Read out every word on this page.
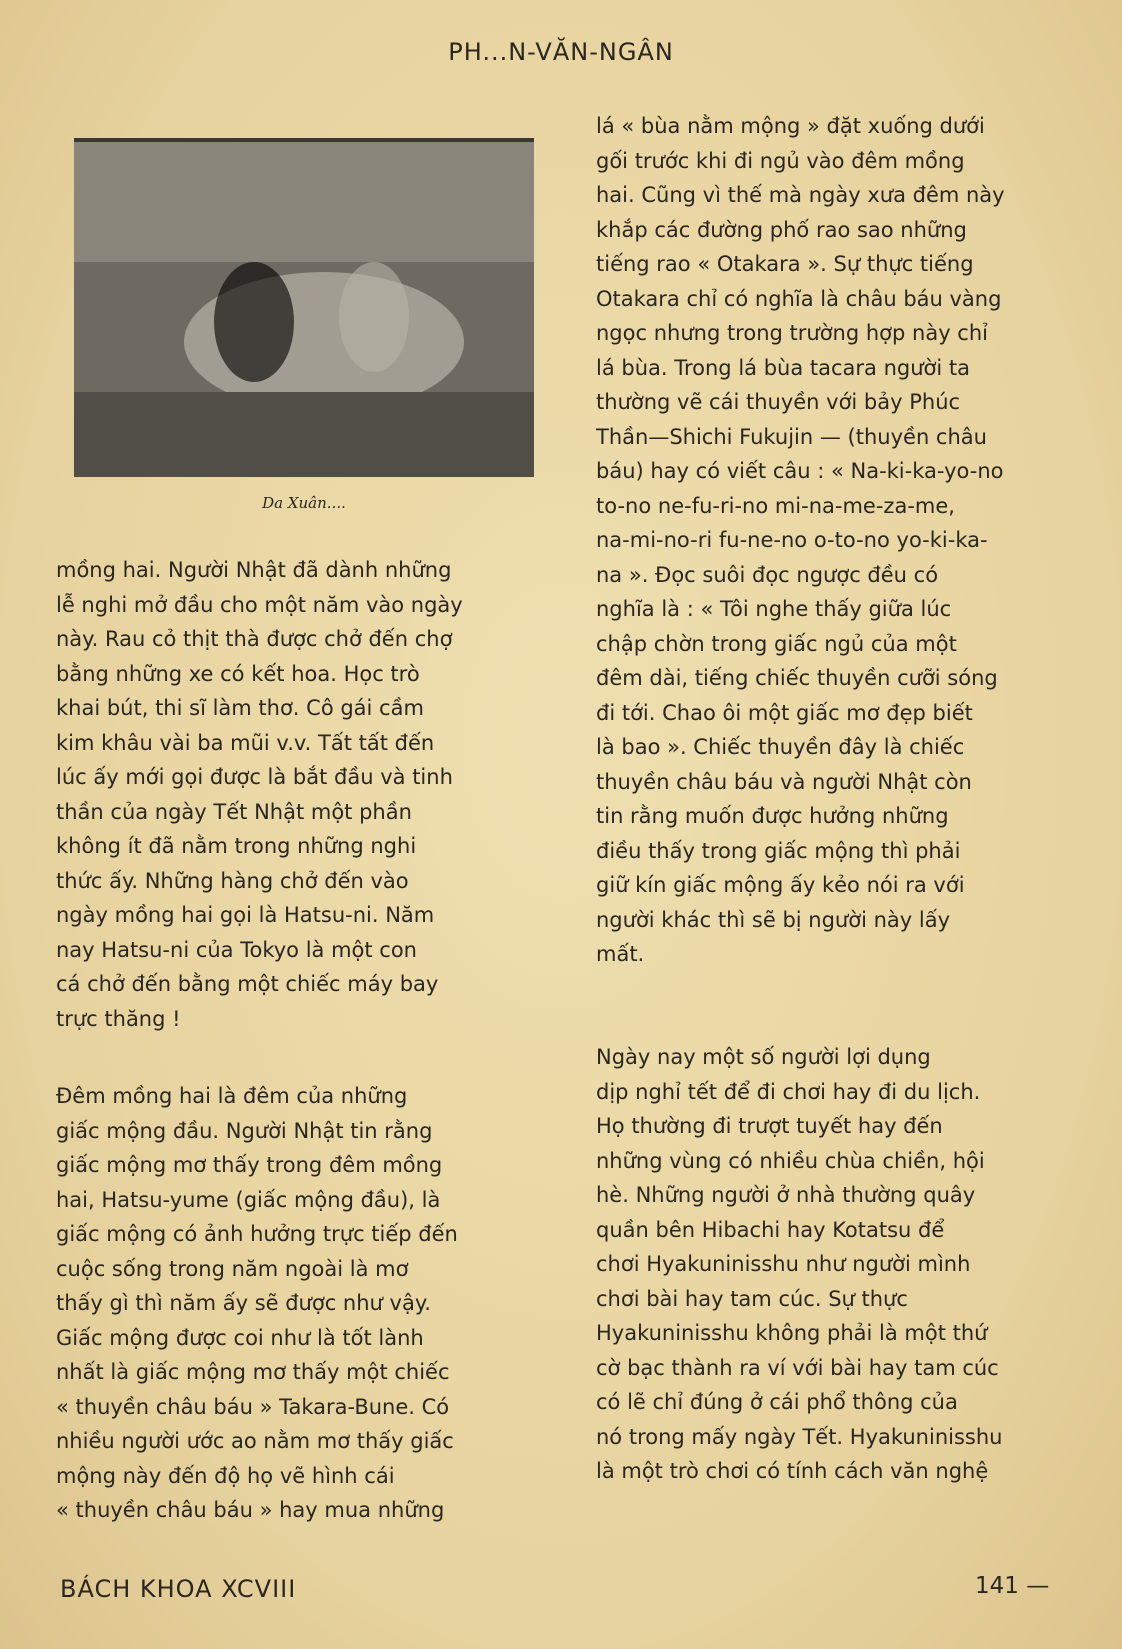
PH...N-VĂN-NGÂN
Da Xuân....
mồng hai. Người Nhật đã dành những
lễ nghi mở đầu cho một năm vào ngày
này. Rau cỏ thịt thà được chở đến chợ
bằng những xe có kết hoa. Học trò
khai bút, thi sĩ làm thơ. Cô gái cầm
kim khâu vài ba mũi v.v. Tất tất đến
lúc ấy mới gọi được là bắt đầu và tinh
thần của ngày Tết Nhật một phần
không ít đã nằm trong những nghi
thức ấy. Những hàng chở đến vào
ngày mồng hai gọi là Hatsu-ni. Năm
nay Hatsu-ni của Tokyo là một con
cá chở đến bằng một chiếc máy bay
trực thăng !
Đêm mồng hai là đêm của những
giấc mộng đầu. Người Nhật tin rằng
giấc mộng mơ thấy trong đêm mồng
hai, Hatsu-yume (giấc mộng đầu), là
giấc mộng có ảnh hưởng trực tiếp đến
cuộc sống trong năm ngoài là mơ
thấy gì thì năm ấy sẽ được như vậy.
Giấc mộng được coi như là tốt lành
nhất là giấc mộng mơ thấy một chiếc
« thuyền châu báu » Takara-Bune. Có
nhiều người ước ao nằm mơ thấy giấc
mộng này đến độ họ vẽ hình cái
« thuyền châu báu » hay mua những
lá « bùa nằm mộng » đặt xuống dưới
gối trước khi đi ngủ vào đêm mồng
hai. Cũng vì thế mà ngày xưa đêm này
khắp các đường phố rao sao những
tiếng rao « Otakara ». Sự thực tiếng
Otakara chỉ có nghĩa là châu báu vàng
ngọc nhưng trong trường hợp này chỉ
lá bùa. Trong lá bùa tacara người ta
thường vẽ cái thuyền với bảy Phúc
Thần—Shichi Fukujin — (thuyền châu
báu) hay có viết câu : « Na-ki-ka-yo-no
to-no ne-fu-ri-no mi-na-me-za-me,
na-mi-no-ri fu-ne-no o-to-no yo-ki-ka-
na ». Đọc suôi đọc ngược đều có
nghĩa là : « Tôi nghe thấy giữa lúc
chập chờn trong giấc ngủ của một
đêm dài, tiếng chiếc thuyền cưỡi sóng
đi tới. Chao ôi một giấc mơ đẹp biết
là bao ». Chiếc thuyền đây là chiếc
thuyền châu báu và người Nhật còn
tin rằng muốn được hưởng những
điều thấy trong giấc mộng thì phải
giữ kín giấc mộng ấy kẻo nói ra với
người khác thì sẽ bị người này lấy
mất.
Ngày nay một số người lợi dụng
dịp nghỉ tết để đi chơi hay đi du lịch.
Họ thường đi trượt tuyết hay đến
những vùng có nhiều chùa chiền, hội
hè. Những người ở nhà thường quây
quần bên Hibachi hay Kotatsu để
chơi Hyakuninisshu như người mình
chơi bài hay tam cúc. Sự thực
Hyakuninisshu không phải là một thứ
cờ bạc thành ra ví với bài hay tam cúc
có lẽ chỉ đúng ở cái phổ thông của
nó trong mấy ngày Tết. Hyakuninisshu
là một trò chơi có tính cách văn nghệ
BÁCH KHOA XCVIII	141 —
